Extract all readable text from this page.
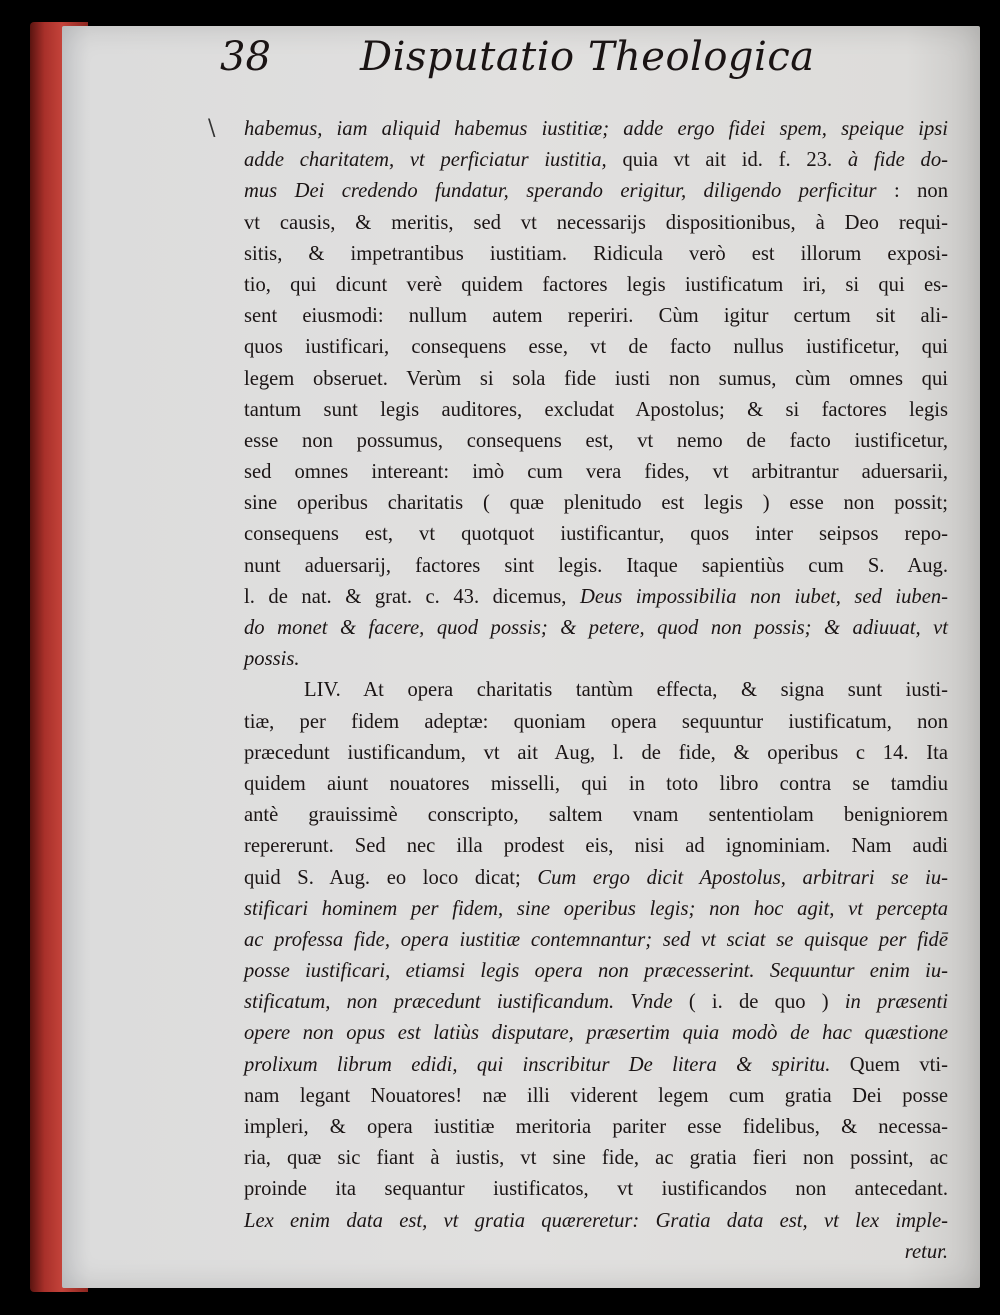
38 Disputatio Theologica
\ habemus, iam aliquid habemus iustitiæ; adde ergo fidei spem, speique ipsi
adde charitatem, vt perficiatur iustitia, quia vt ait id. f. 23. à fide do-
mus Dei credendo fundatur, sperando erigitur, diligendo perficitur : non
vt causis, & meritis, sed vt necessarijs dispositionibus, à Deo requi-
sitis, & impetrantibus iustitiam. Ridicula verò est illorum exposi-
tio, qui dicunt verè quidem factores legis iustificatum iri, si qui es-
sent eiusmodi: nullum autem reperiri. Cùm igitur certum sit ali-
quos iustificari, consequens esse, vt de facto nullus iustificetur, qui
legem obseruet. Verùm si sola fide iusti non sumus, cùm omnes qui
tantum sunt legis auditores, excludat Apostolus; & si factores legis
esse non possumus, consequens est, vt nemo de facto iustificetur,
sed omnes intereant: imò cum vera fides, vt arbitrantur aduersarii,
sine operibus charitatis ( quæ plenitudo est legis ) esse non possit;
consequens est, vt quotquot iustificantur, quos inter seipsos repo-
nunt aduersarij, factores sint legis. Itaque sapientiùs cum S. Aug.
l. de nat. & grat. c. 43. dicemus, Deus impossibilia non iubet, sed iuben-
do monet & facere, quod possis; & petere, quod non possis; & adiuuat, vt
possis.
LIV. At opera charitatis tantùm effecta, & signa sunt iusti-
tiæ, per fidem adeptæ: quoniam opera sequuntur iustificatum, non
præcedunt iustificandum, vt ait Aug, l. de fide, & operibus c 14. Ita
quidem aiunt nouatores misselli, qui in toto libro contra se tamdiu
antè grauissimè conscripto, saltem vnam sententiolam benigniorem
repererunt. Sed nec illa prodest eis, nisi ad ignominiam. Nam audi
quid S. Aug. eo loco dicat; Cum ergo dicit Apostolus, arbitrari se iu-
stificari hominem per fidem, sine operibus legis; non hoc agit, vt percepta
ac professa fide, opera iustitiæ contemnantur; sed vt sciat se quisque per fidē
posse iustificari, etiamsi legis opera non præcesserint. Sequuntur enim iu-
stificatum, non præcedunt iustificandum. Vnde ( i. de quo ) in præsenti
opere non opus est latiùs disputare, præsertim quia modò de hac quæstione
prolixum librum edidi, qui inscribitur De litera & spiritu. Quem vti-
nam legant Nouatores! næ illi viderent legem cum gratia Dei posse
impleri, & opera iustitiæ meritoria pariter esse fidelibus, & necessa-
ria, quæ sic fiant à iustis, vt sine fide, ac gratia fieri non possint, ac
proinde ita sequantur iustificatos, vt iustificandos non antecedant.
Lex enim data est, vt gratia quæreretur: Gratia data est, vt lex imple-
retur.
